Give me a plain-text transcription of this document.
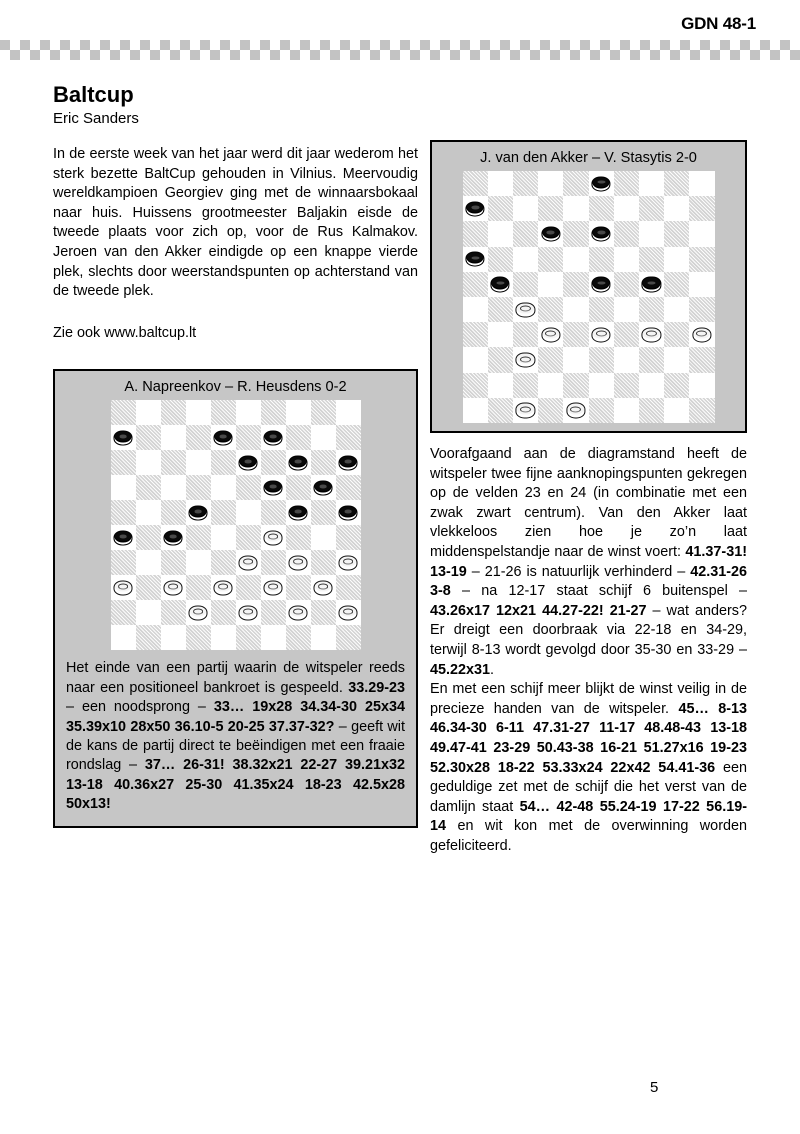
GDN 48-1
Baltcup
Eric Sanders
In de eerste week van het jaar werd dit jaar wederom het sterk bezette BaltCup gehouden in Vilnius. Meervoudig wereldkampioen Georgiev ging met de winnaarsbokaal naar huis. Huissens grootmeester Baljakin eisde de tweede plaats voor zich op, voor de Rus Kalmakov. Jeroen van den Akker eindigde op een knappe vierde plek, slechts door weerstandspunten op achterstand van de tweede plek.
Zie ook www.baltcup.lt
A. Napreenkov – R. Heusdens 0-2
Het einde van een partij waarin de witspeler reeds naar een positioneel bankroet is gespeeld. 33.29-23 – een noodsprong – 33… 19x28 34.34-30 25x34 35.39x10 28x50 36.10-5 20-25 37.37-32? – geeft wit de kans de partij direct te beëindigen met een fraaie rondslag – 37… 26-31! 38.32x21 22-27 39.21x32 13-18 40.36x27 25-30 41.35x24 18-23 42.5x28 50x13!
J. van den Akker – V. Stasytis 2-0

Voorafgaand aan de diagramstand heeft de witspeler twee fijne aanknopingspunten gekregen op de velden 23 en 24 (in combinatie met een zwak zwart centrum). Van den Akker laat vlekkeloos zien hoe je zo’n laat middenspelstandje naar de winst voert: 41.37-31! 13-19 – 21-26 is natuurlijk verhinderd – 42.31-26 3-8 – na 12-17 staat schijf 6 buitenspel – 43.26x17 12x21 44.27-22! 21-27 – wat anders? Er dreigt een doorbraak via 22-18 en 34-29, terwijl 8-13 wordt gevolgd door 35-30 en 33-29 – 45.22x31.

En met een schijf meer blijkt de winst veilig in de precieze handen van de witspeler. 45… 8-13 46.34-30 6-11 47.31-27 11-17 48.48-43 13-18 49.47-41 23-29 50.43-38 16-21 51.27x16 19-23 52.30x28 18-22 53.33x24 22x42 54.41-36 een geduldige zet met de schijf die het verst van de damlijn staat 54… 42-48 55.24-19 17-22 56.19-14 en wit kon met de overwinning worden gefeliciteerd.

5
